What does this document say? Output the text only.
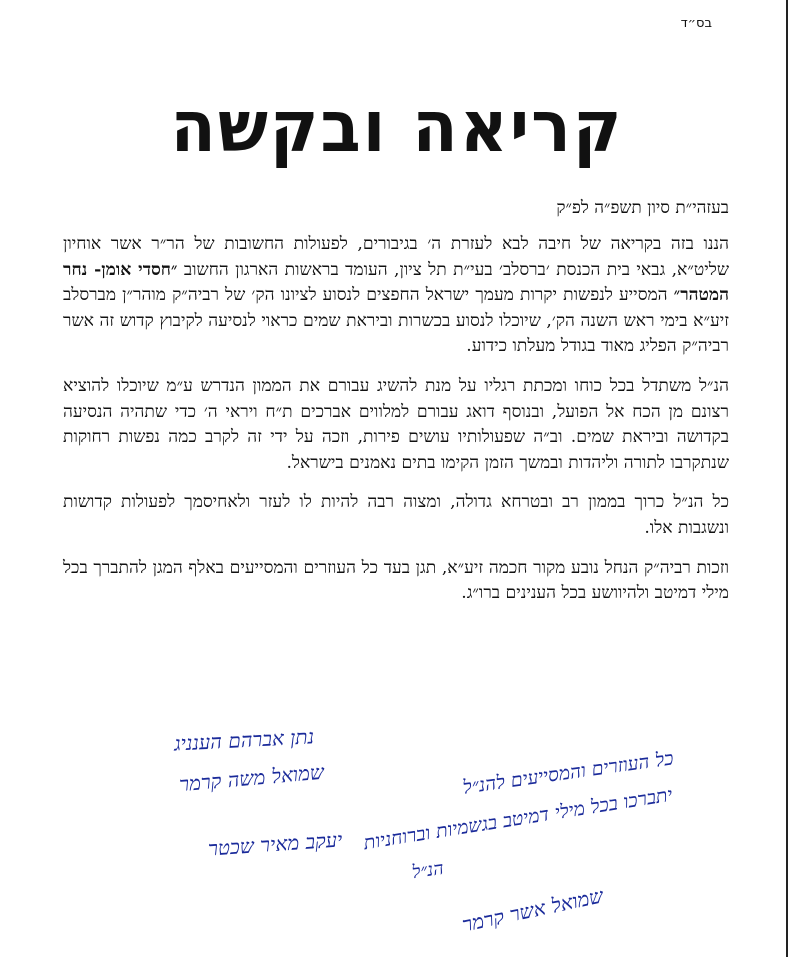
בס״ד
קריאה ובקשה
בעזהי״ת סיון תשפ״ה לפ״ק

הננו בזה בקריאה של חיבה לבא לעזרת ה׳ בגיבורים, לפעולות החשובות של הר״ר אשר אוחיון שליט״א, גבאי בית הכנסת ׳ברסלב׳ בעי״ת תל ציון, העומד בראשות הארגון החשוב ״חסדי אומן- נחר המטהר״ המסייע לנפשות יקרות מעמך ישראל החפצים לנסוע לציונו הק׳ של רביה״ק מוהר״ן מברסלב זיע״א בימי ראש השנה הק׳, שיוכלו לנסוע בכשרות וביראת שמים כראוי לנסיעה לקיבוץ קדוש זה אשר רביה״ק הפליג מאוד בגודל מעלתו כידוע.

הנ״ל משתדל בכל כוחו ומכתת רגליו על מנת להשיג עבורם את הממון הנדרש ע״מ שיוכלו להוציא רצונם מן הכח אל הפועל, ובנוסף דואג עבורם למלווים אברכים ת״ח ויראי ה׳ כדי שתהיה הנסיעה בקדושה וביראת שמים. וב״ה שפעולותיו עושים פירות, וזכה על ידי זה לקרב כמה נפשות רחוקות שנתקרבו לתורה וליהדות ובמשך הזמן הקימו בתים נאמנים בישראל.

כל הנ״ל כרוך בממון רב ובטרחא גדולה, ומצוה רבה להיות לו לעזר ולאחיסמך לפעולות קדושות ונשגבות אלו.

וזכות רביה״ק הנחל נובע מקור חכמה זיע״א, תגן בעד כל העוזרים והמסייעים באלף המגן להתברך בכל מילי דמיטב ולהיוושע בכל הענינים ברו״ג.

נתן אברהם הענניג
שמואל משה קרמר
יעקב מאיר שכטר
כל העוזרים והמסייעים להנ״ל
יתברכו בכל מילי דמיטב בגשמיות וברוחניות
הנ״ל
שמואל אשר קרמר
